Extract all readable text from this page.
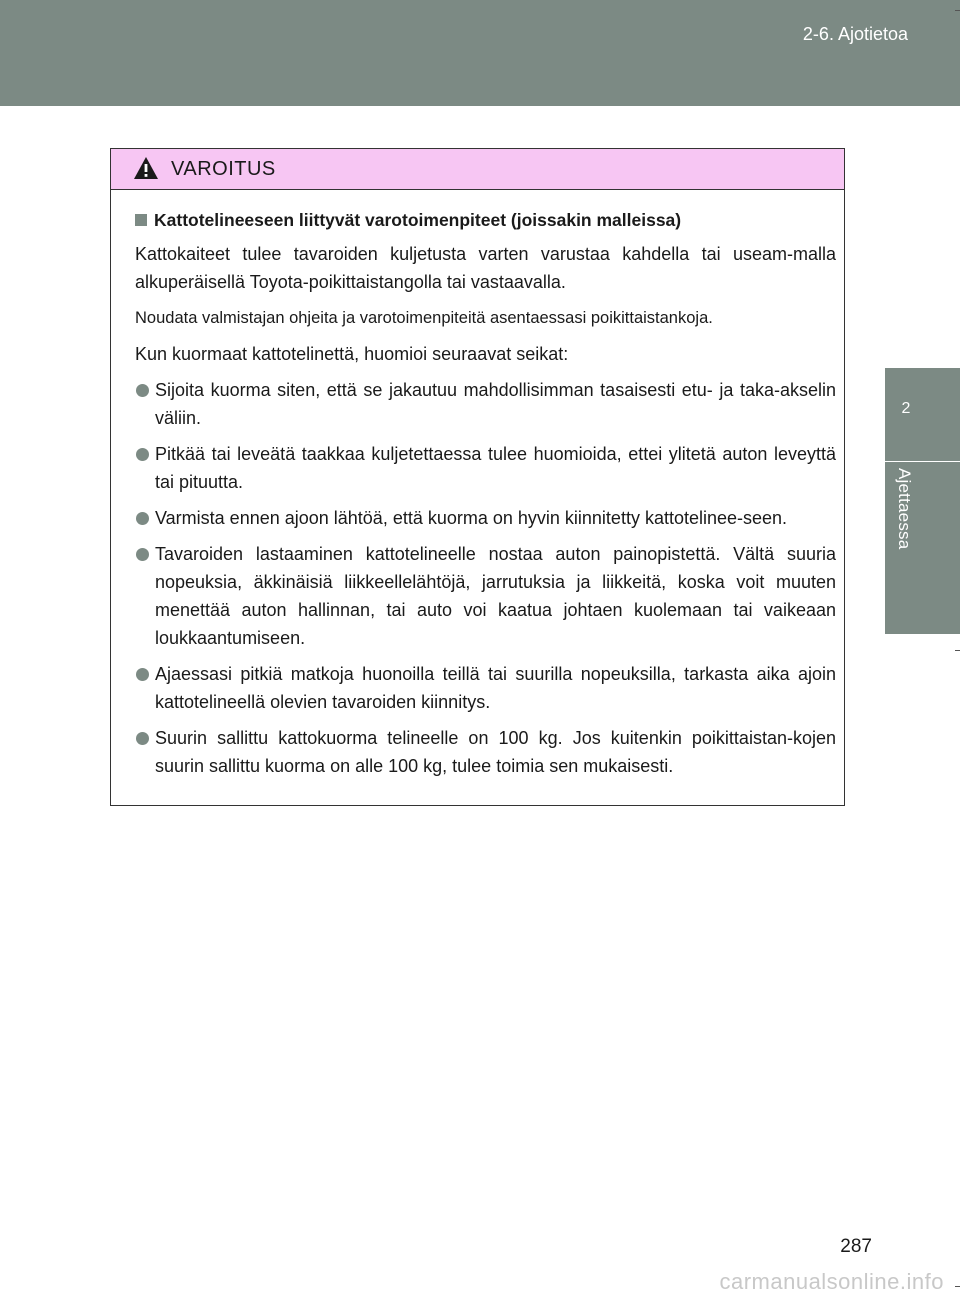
2-6. Ajotietoa
2
Ajettaessa
VAROITUS
Kattotelineeseen liittyvät varotoimenpiteet (joissakin malleissa)
Kattokaiteet tulee tavaroiden kuljetusta varten varustaa kahdella tai useam-malla alkuperäisellä Toyota-poikittaistangolla tai vastaavalla.
Noudata valmistajan ohjeita ja varotoimenpiteitä asentaessasi poikittaistankoja.
Kun kuormaat kattotelinettä, huomioi seuraavat seikat:
Sijoita kuorma siten, että se jakautuu mahdollisimman tasaisesti etu- ja taka-akselin väliin.
Pitkää tai leveätä taakkaa kuljetettaessa tulee huomioida, ettei ylitetä auton leveyttä tai pituutta.
Varmista ennen ajoon lähtöä, että kuorma on hyvin kiinnitetty kattotelinee-seen.
Tavaroiden lastaaminen kattotelineelle nostaa auton painopistettä. Vältä suuria nopeuksia, äkkinäisiä liikkeellelähtöjä, jarrutuksia ja liikkeitä, koska voit muuten menettää auton hallinnan, tai auto voi kaatua johtaen kuolemaan tai vaikeaan loukkaantumiseen.
Ajaessasi pitkiä matkoja huonoilla teillä tai suurilla nopeuksilla, tarkasta aika ajoin kattotelineellä olevien tavaroiden kiinnitys.
Suurin sallittu kattokuorma telineelle on 100 kg. Jos kuitenkin poikittaistan-kojen suurin sallittu kuorma on alle 100 kg, tulee toimia sen mukaisesti.
287
carmanualsonline.info
